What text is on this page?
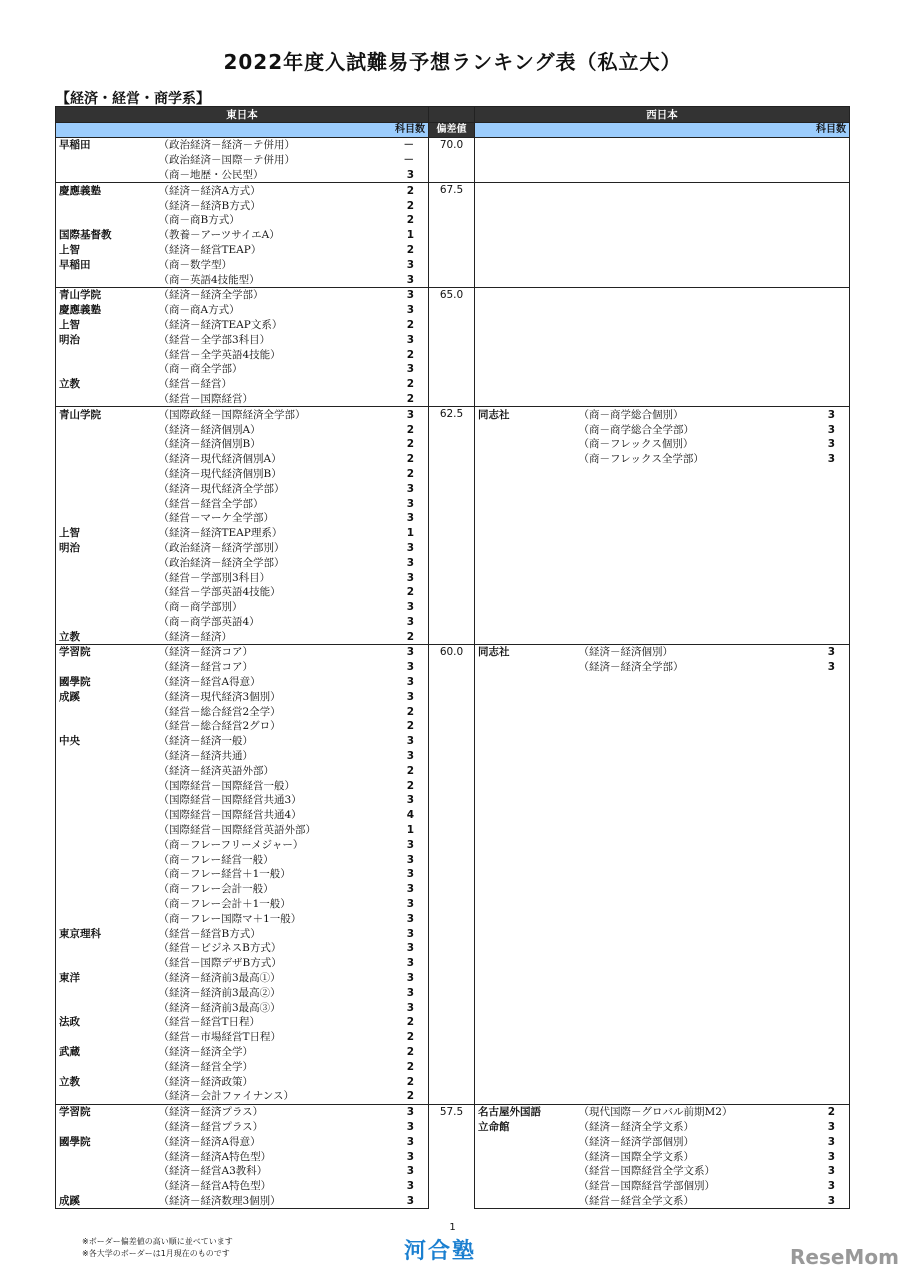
2022年度入試難易予想ランキング表（私立大）
【経済・経営・商学系】
東日本				西日本		
科目数			偏差値	科目数		
早稲田	（政治経済－経済－テ併用）	－	70.0			
	（政治経済－国際－テ併用）	－				
	（商－地歴・公民型）	3				
慶應義塾	（経済－経済A方式）	2	67.5			
	（経済－経済B方式）	2				
	（商－商B方式）	2				
国際基督教	（教養－アーツサイエA）	1				
上智	（経済－経営TEAP）	2				
早稲田	（商－数学型）	3				
	（商－英語4技能型）	3				
青山学院	（経済－経済全学部）	3	65.0			
慶應義塾	（商－商A方式）	3				
上智	（経済－経済TEAP文系）	2				
明治	（経営－全学部3科目）	3				
	（経営－全学英語4技能）	2				
	（商－商全学部）	3				
立教	（経営－経営）	2				
	（経営－国際経営）	2				
青山学院	（国際政経－国際経済全学部）	3	62.5	同志社	（商－商学総合個別）	3
	（経済－経済個別A）	2			（商－商学総合全学部）	3
	（経済－経済個別B）	2			（商－フレックス個別）	3
	（経済－現代経済個別A）	2			（商－フレックス全学部）	3
	（経済－現代経済個別B）	2				
	（経済－現代経済全学部）	3				
	（経営－経営全学部）	3				
	（経営－マーケ全学部）	3				
上智	（経済－経済TEAP理系）	1				
明治	（政治経済－経済学部別）	3				
	（政治経済－経済全学部）	3				
	（経営－学部別3科目）	3				
	（経営－学部英語4技能）	2				
	（商－商学部別）	3				
	（商－商学部英語4）	3				
立教	（経済－経済）	2				
学習院	（経済－経済コア）	3	60.0	同志社	（経済－経済個別）	3
	（経済－経営コア）	3			（経済－経済全学部）	3
國學院	（経済－経営A得意）	3				
成蹊	（経済－現代経済3個別）	3				
	（経営－総合経営2全学）	2				
	（経営－総合経営2グロ）	2				
中央	（経済－経済一般）	3				
	（経済－経済共通）	3				
	（経済－経済英語外部）	2				
	（国際経営－国際経営一般）	2				
	（国際経営－国際経営共通3）	3				
	（国際経営－国際経営共通4）	4				
	（国際経営－国際経営英語外部）	1				
	（商－フレーフリーメジャー）	3				
	（商－フレー経営一般）	3				
	（商－フレー経営＋1一般）	3				
	（商－フレー会計一般）	3				
	（商－フレー会計＋1一般）	3				
	（商－フレー国際マ＋1一般）	3				
東京理科	（経営－経営B方式）	3				
	（経営－ビジネスB方式）	3				
	（経営－国際デザB方式）	3				
東洋	（経済－経済前3最高①）	3				
	（経済－経済前3最高②）	3				
	（経済－経済前3最高③）	3				
法政	（経営－経営T日程）	2				
	（経営－市場経営T日程）	2				
武蔵	（経済－経済全学）	2				
	（経済－経営全学）	2				
立教	（経済－経済政策）	2				
	（経済－会計ファイナンス）	2				
学習院	（経済－経済プラス）	3	57.5	名古屋外国語	（現代国際－グロバル前期M2）	2
	（経済－経営プラス）	3		立命館	（経済－経済全学文系）	3
國學院	（経済－経済A得意）	3			（経済－経済学部個別）	3
	（経済－経済A特色型）	3			（経済－国際全学文系）	3
	（経済－経営A3教科）	3			（経営－国際経営全学文系）	3
	（経済－経営A特色型）	3			（経営－国際経営学部個別）	3
成蹊	（経済－経済数理3個別）	3			（経営－経営全学文系）	3
1
※ボーダー偏差値の高い順に並べています
※各大学のボーダーは1月現在のものです	河合塾	ReseMom
